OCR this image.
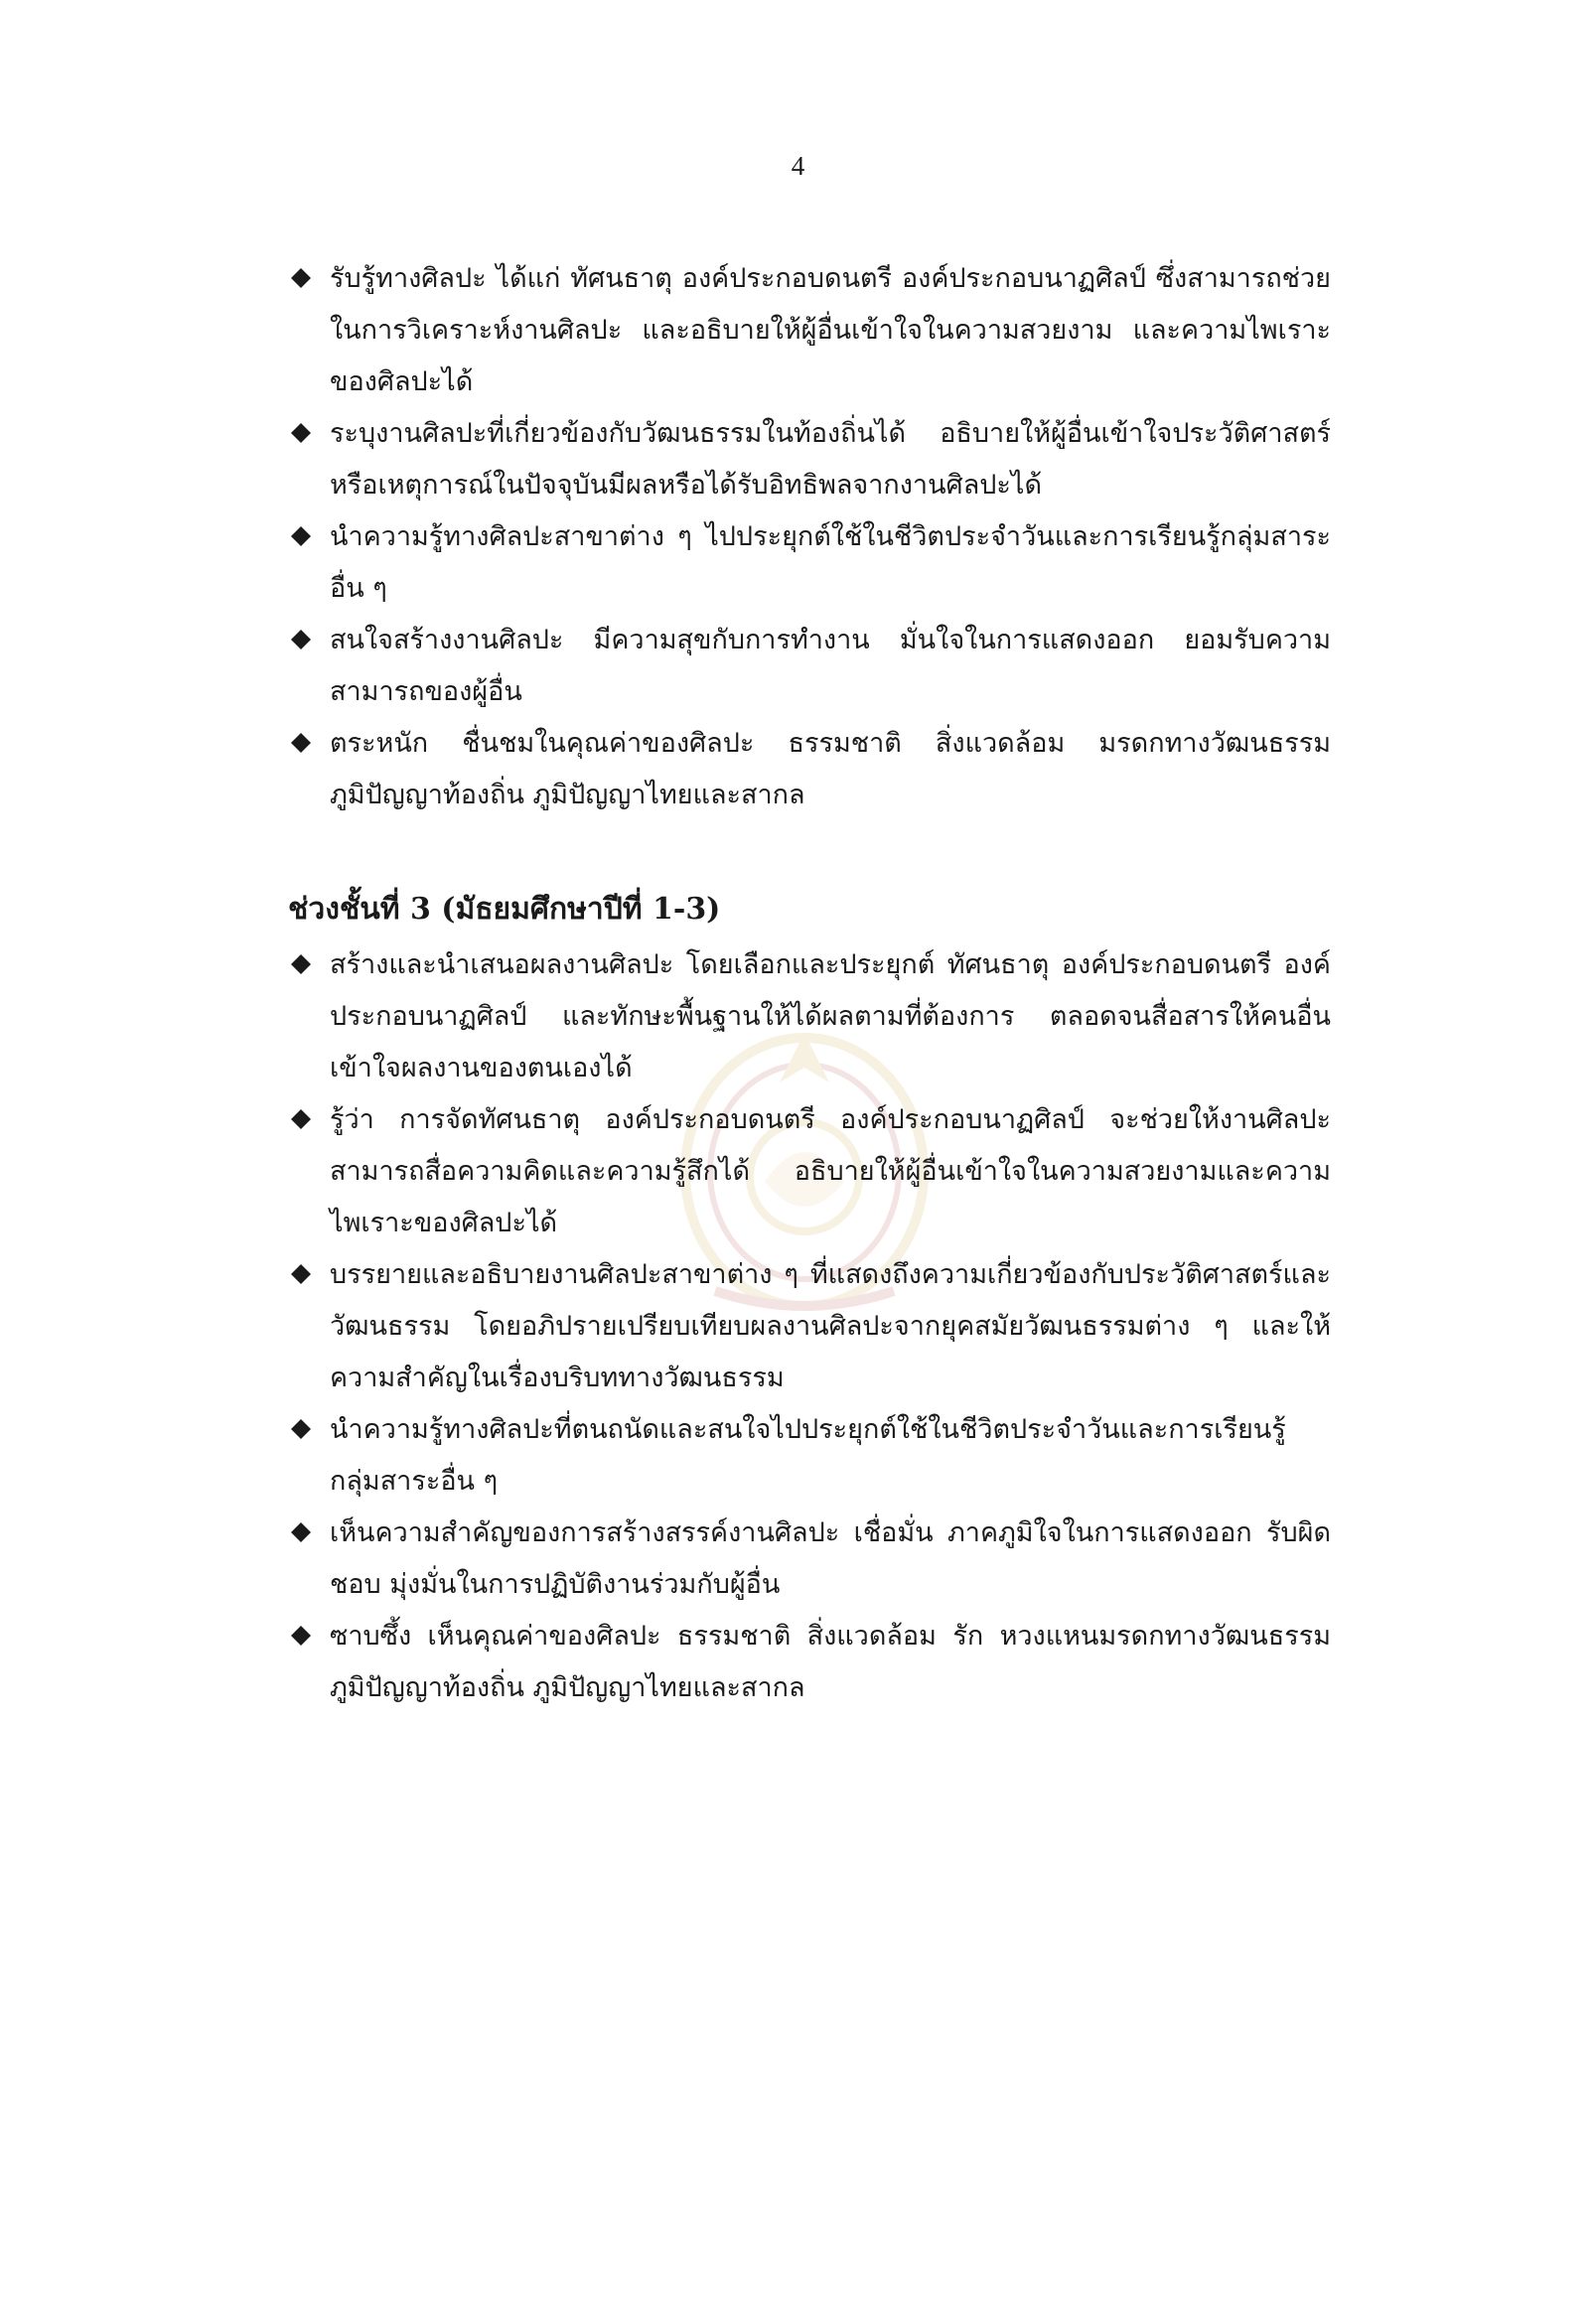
4
รับรู้ทางศิลปะ ได้แก่ ทัศนธาตุ องค์ประกอบดนตรี องค์ประกอบนาฏศิลป์ ซึ่งสามารถช่วยในการวิเคราะห์งานศิลปะ และอธิบายให้ผู้อื่นเข้าใจในความสวยงาม และความไพเราะของศิลปะได้
ระบุงานศิลปะที่เกี่ยวข้องกับวัฒนธรรมในท้องถิ่นได้ อธิบายให้ผู้อื่นเข้าใจประวัติศาสตร์หรือเหตุการณ์ในปัจจุบันมีผลหรือได้รับอิทธิพลจากงานศิลปะได้
นำความรู้ทางศิลปะสาขาต่าง ๆ ไปประยุกต์ใช้ในชีวิตประจำวันและการเรียนรู้กลุ่มสาระอื่น ๆ
สนใจสร้างงานศิลปะ มีความสุขกับการทำงาน มั่นใจในการแสดงออก ยอมรับความสามารถของผู้อื่น
ตระหนัก ชื่นชมในคุณค่าของศิลปะ ธรรมชาติ สิ่งแวดล้อม มรดกทางวัฒนธรรม ภูมิปัญญาท้องถิ่น ภูมิปัญญาไทยและสากล
ช่วงชั้นที่ 3 (มัธยมศึกษาปีที่ 1-3)
สร้างและนำเสนอผลงานศิลปะ โดยเลือกและประยุกต์ ทัศนธาตุ องค์ประกอบดนตรี องค์ประกอบนาฏศิลป์ และทักษะพื้นฐานให้ได้ผลตามที่ต้องการ ตลอดจนสื่อสารให้คนอื่นเข้าใจผลงานของตนเองได้
รู้ว่า การจัดทัศนธาตุ องค์ประกอบดนตรี องค์ประกอบนาฏศิลป์ จะช่วยให้งานศิลปะสามารถสื่อความคิดและความรู้สึกได้ อธิบายให้ผู้อื่นเข้าใจในความสวยงามและความไพเราะของศิลปะได้
บรรยายและอธิบายงานศิลปะสาขาต่าง ๆ ที่แสดงถึงความเกี่ยวข้องกับประวัติศาสตร์และวัฒนธรรม โดยอภิปรายเปรียบเทียบผลงานศิลปะจากยุคสมัยวัฒนธรรมต่าง ๆ และให้ความสำคัญในเรื่องบริบททางวัฒนธรรม
นำความรู้ทางศิลปะที่ตนถนัดและสนใจไปประยุกต์ใช้ในชีวิตประจำวันและการเรียนรู้กลุ่มสาระอื่น ๆ
เห็นความสำคัญของการสร้างสรรค์งานศิลปะ เชื่อมั่น ภาคภูมิใจในการแสดงออก รับผิดชอบ มุ่งมั่นในการปฏิบัติงานร่วมกับผู้อื่น
ซาบซึ้ง เห็นคุณค่าของศิลปะ ธรรมชาติ สิ่งแวดล้อม รัก หวงแหนมรดกทางวัฒนธรรม ภูมิปัญญาท้องถิ่น ภูมิปัญญาไทยและสากล
